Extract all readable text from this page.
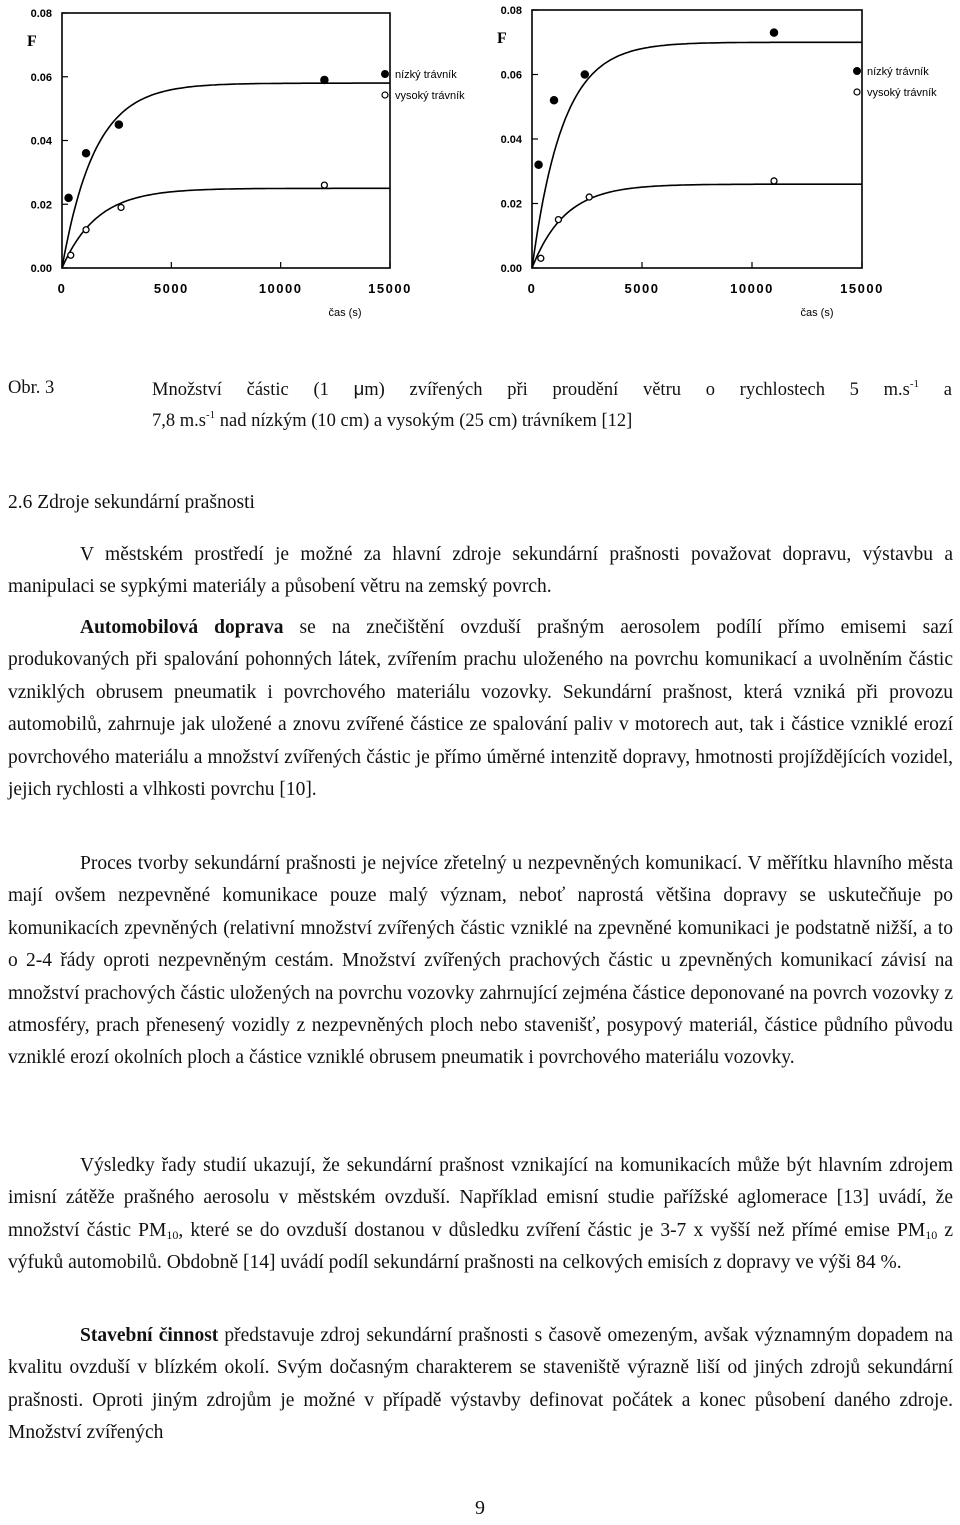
0.00
0.02
0.04
0.06
0.08
0	5000	10000	15000
F
čas (s)
nízký trávník
vysoký trávník
0.00
0.02
0.04
0.06
0.08
0	5000	10000	15000
F
čas (s)
nízký trávník
vysoký trávník
Obr. 3	Množství částic (1 μm) zvířených při proudění větru o rychlostech 5 $m.s^{-1}$ a
7,8 $m.s^{-1}$ nad nízkým (10 cm) a vysokým (25 cm) trávníkem [12]
2.6 Zdroje sekundární prašnosti

V městském prostředí je možné za hlavní zdroje sekundární prašnosti považovat dopravu, výstavbu a manipulaci se sypkými materiály a působení větru na zemský povrch.

Automobilová doprava se na znečištění ovzduší prašným aerosolem podílí přímo emisemi sazí produkovaných při spalování pohonných látek, zvířením prachu uloženého na povrchu komunikací a uvolněním částic vzniklých obrusem pneumatik i povrchového materiálu vozovky. Sekundární prašnost, která vzniká při provozu automobilů, zahrnuje jak uložené a znovu zvířené částice ze spalování paliv v motorech aut, tak i částice vzniklé erozí povrchového materiálu a množství zvířených částic je přímo úměrné intenzitě dopravy, hmotnosti projíždějících vozidel, jejich rychlosti a vlhkosti povrchu [10].

Proces tvorby sekundární prašnosti je nejvíce zřetelný u nezpevněných komunikací. V měřítku hlavního města mají ovšem nezpevněné komunikace pouze malý význam, neboť naprostá většina dopravy se uskutečňuje po komunikacích zpevněných (relativní množství zvířených částic vzniklé na zpevněné komunikaci je podstatně nižší, a to o 2-4 řády oproti nezpevněným cestám. Množství zvířených prachových částic u zpevněných komunikací závisí na množství prachových částic uložených na povrchu vozovky zahrnující zejména částice deponované na povrch vozovky z atmosféry, prach přenesený vozidly z nezpevněných ploch nebo stavenišť, posypový materiál, částice půdního původu vzniklé erozí okolních ploch a částice vzniklé obrusem pneumatik i povrchového materiálu vozovky.

Výsledky řady studií ukazují, že sekundární prašnost vznikající na komunikacích může být hlavním zdrojem imisní zátěže prašného aerosolu v městském ovzduší. Například emisní studie pařížské aglomerace [13] uvádí, že množství částic $PM_{10}$, které se do ovzduší dostanou v důsledku zvíření částic je 3-7 x vyšší než přímé emise $PM_{10}$ z výfuků automobilů. Obdobně [14] uvádí podíl sekundární prašnosti na celkových emisích z dopravy ve výši 84 %.

Stavební činnost představuje zdroj sekundární prašnosti s časově omezeným, avšak významným dopadem na kvalitu ovzduší v blízkém okolí. Svým dočasným charakterem se staveniště výrazně liší od jiných zdrojů sekundární prašnosti. Oproti jiným zdrojům je možné v případě výstavby definovat počátek a konec působení daného zdroje. Množství zvířených

9
